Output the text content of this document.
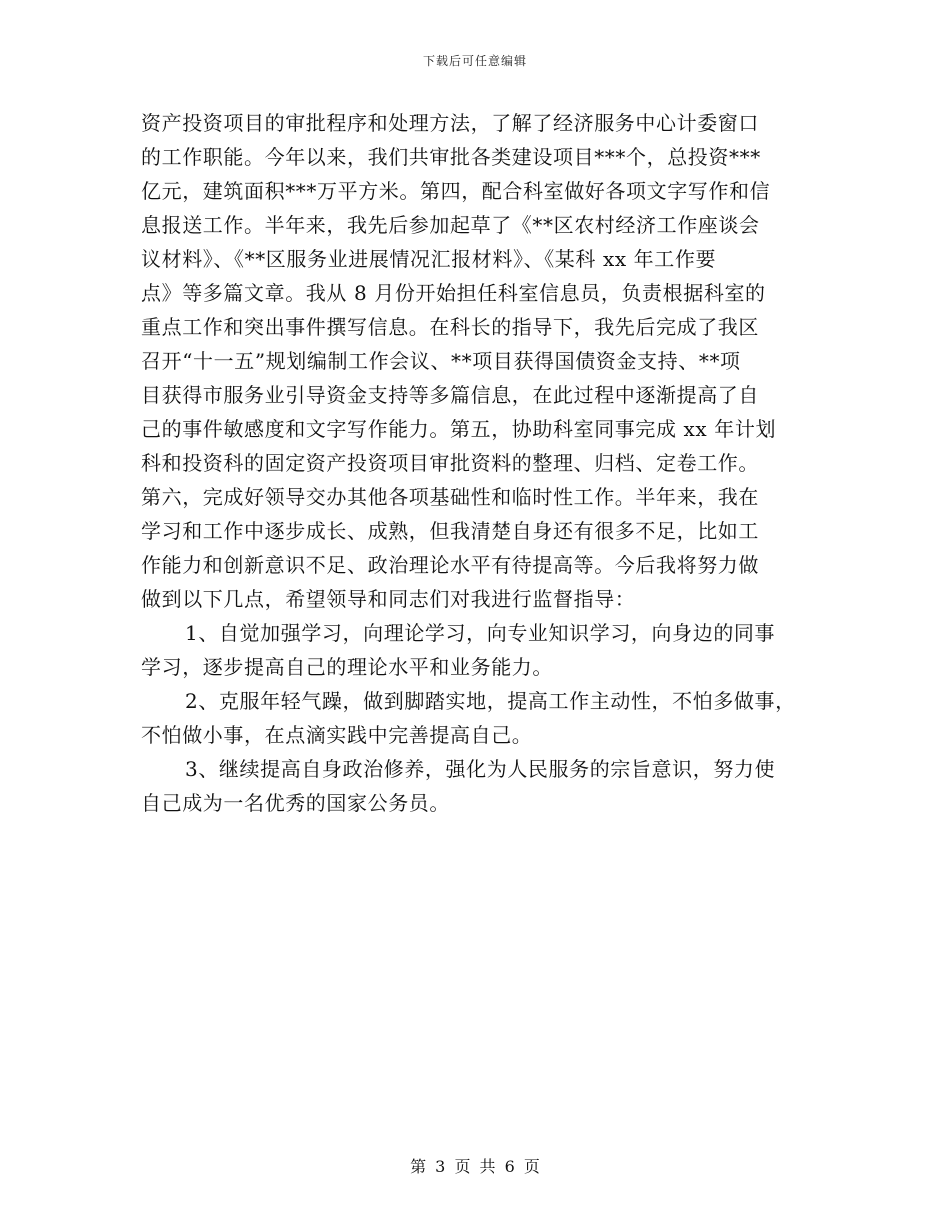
下载后可任意编辑
资产投资项目的审批程序和处理方法，了解了经济服务中心计委窗口
的工作职能。今年以来，我们共审批各类建设项目***个，总投资***
亿元，建筑面积***万平方米。第四，配合科室做好各项文字写作和信
息报送工作。半年来，我先后参加起草了《**区农村经济工作座谈会
议材料》、《**区服务业进展情况汇报材料》、《某科 xx 年工作要
点》等多篇文章。我从 8 月份开始担任科室信息员，负责根据科室的
重点工作和突出事件撰写信息。在科长的指导下，我先后完成了我区
召开“十一五”规划编制工作会议、**项目获得国债资金支持、**项
目获得市服务业引导资金支持等多篇信息，在此过程中逐渐提高了自
己的事件敏感度和文字写作能力。第五，协助科室同事完成 xx 年计划
科和投资科的固定资产投资项目审批资料的整理、归档、定卷工作。
第六，完成好领导交办其他各项基础性和临时性工作。半年来，我在
学习和工作中逐步成长、成熟，但我清楚自身还有很多不足，比如工
作能力和创新意识不足、政治理论水平有待提高等。今后我将努力做
做到以下几点，希望领导和同志们对我进行监督指导：
1、自觉加强学习，向理论学习，向专业知识学习，向身边的同事
学习，逐步提高自己的理论水平和业务能力。
2、克服年轻气躁，做到脚踏实地，提高工作主动性，不怕多做事，
不怕做小事，在点滴实践中完善提高自己。
3、继续提高自身政治修养，强化为人民服务的宗旨意识，努力使
自己成为一名优秀的国家公务员。
第 3 页 共 6 页
